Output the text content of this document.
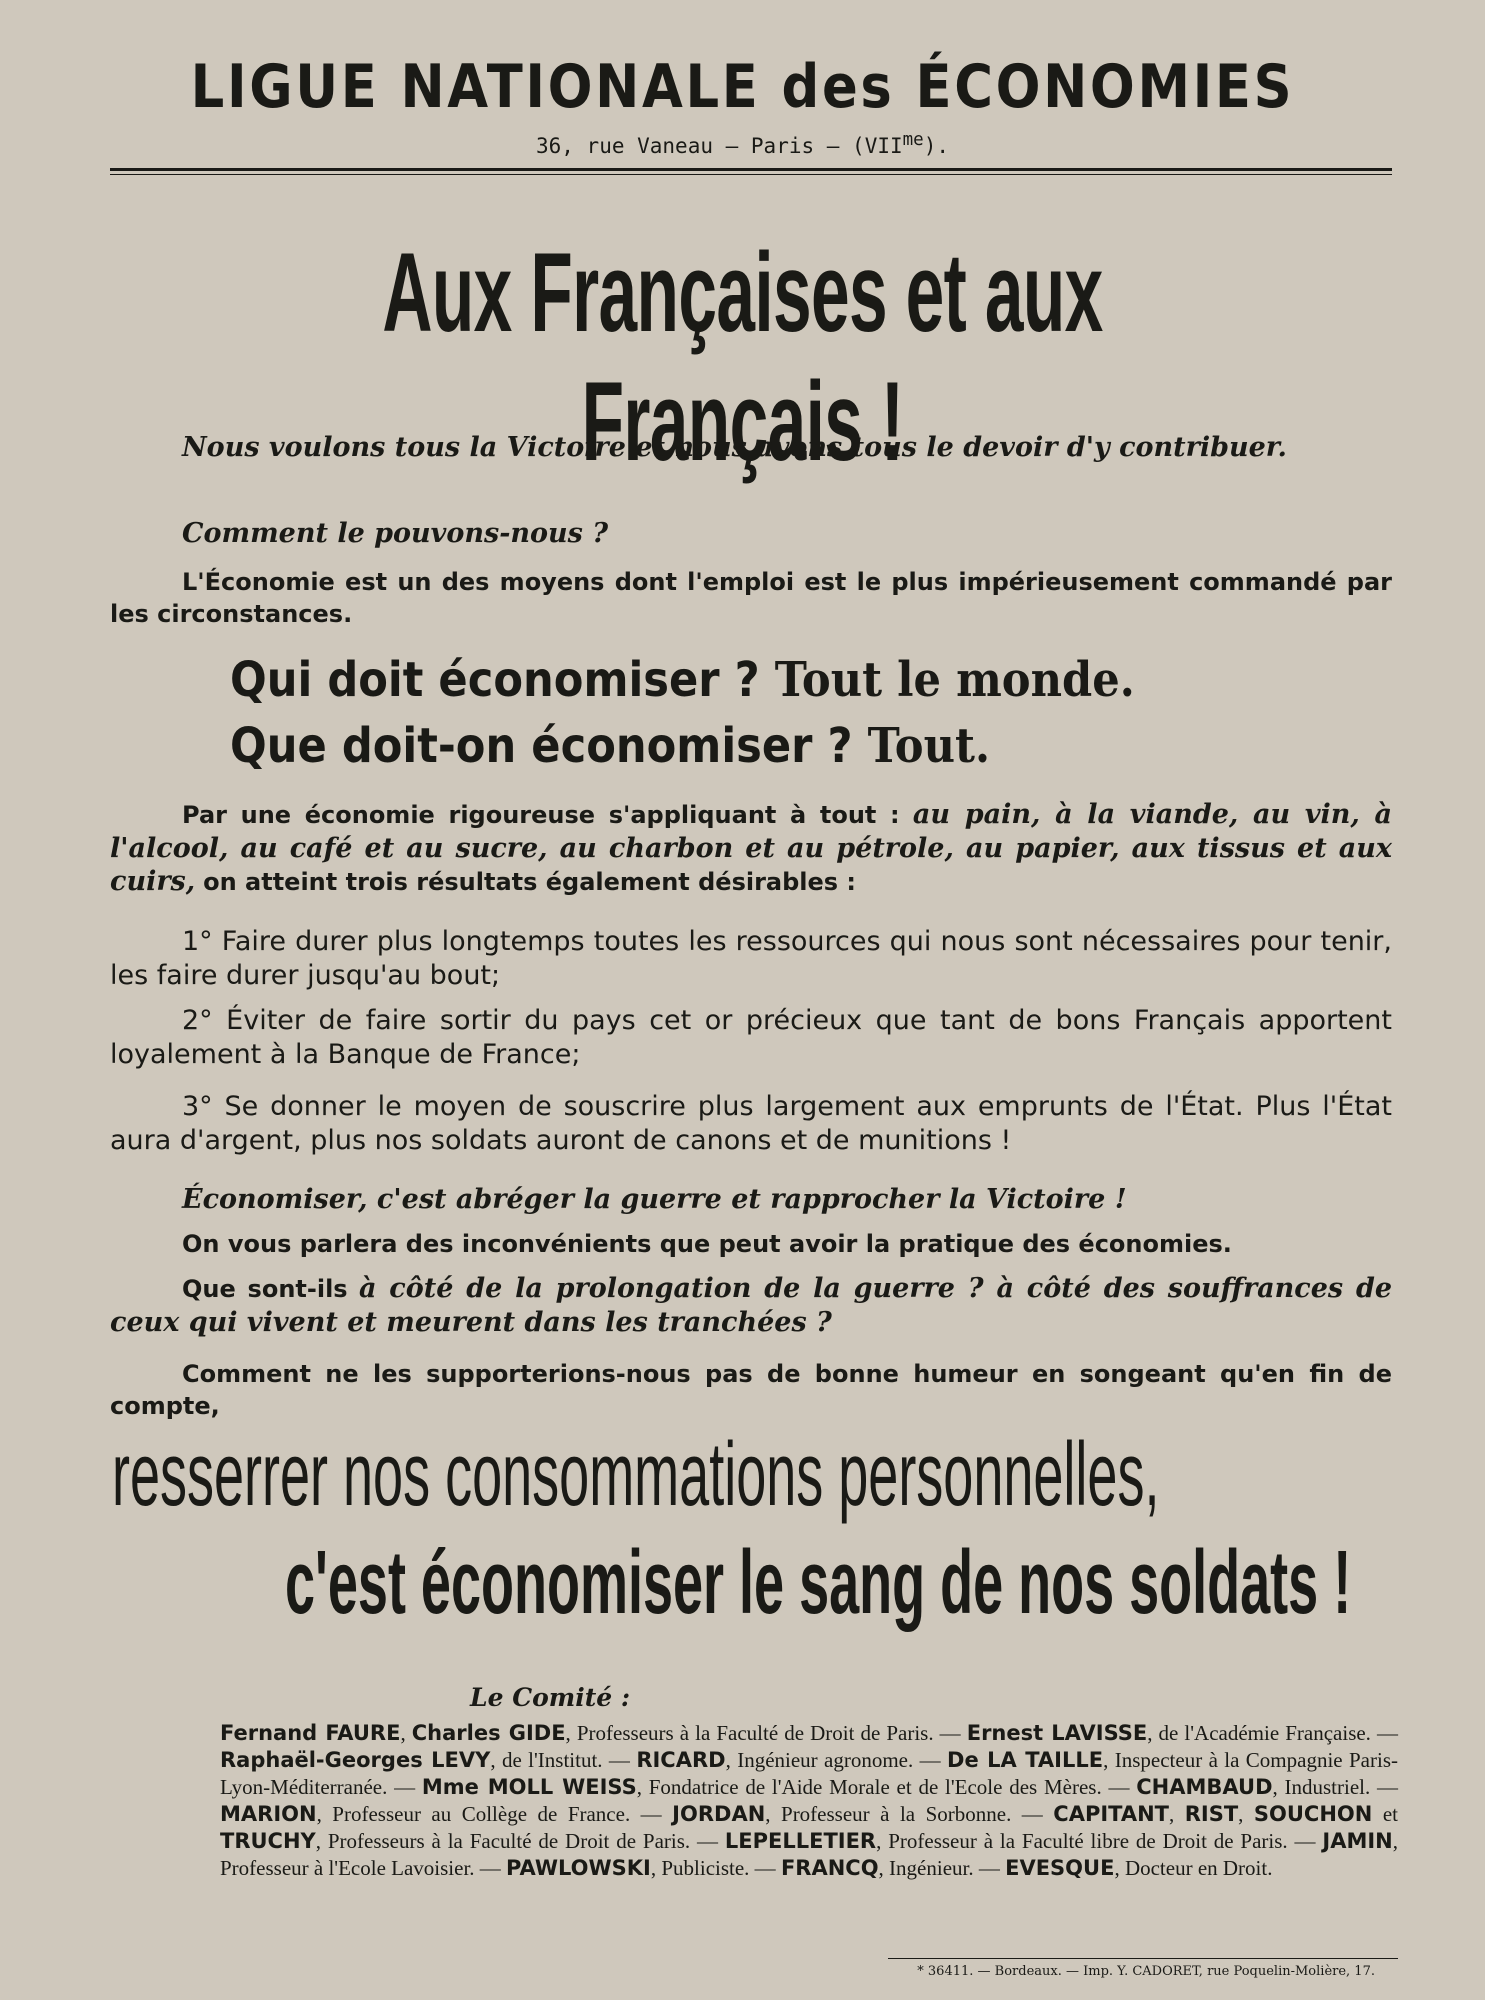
LIGUE NATIONALE des ÉCONOMIES
36, rue Vaneau – Paris – $(VII^{me})$.
Aux Françaises et aux Français !
Nous voulons tous la Victoire et nous avons tous le devoir d'y contribuer.
Comment le pouvons-nous ?
L'Économie est un des moyens dont l'emploi est le plus impérieusement commandé par les circonstances.
Qui doit économiser ? Tout le monde.
Que doit-on économiser ? Tout.
Par une économie rigoureuse s'appliquant à tout : au pain, à la viande, au vin, à l'alcool, au café et au sucre, au charbon et au pétrole, au papier, aux tissus et aux cuirs, on atteint trois résultats également désirables :
1° Faire durer plus longtemps toutes les ressources qui nous sont nécessaires pour tenir, les faire durer jusqu'au bout;
2° Éviter de faire sortir du pays cet or précieux que tant de bons Français apportent loyalement à la Banque de France;
3° Se donner le moyen de souscrire plus largement aux emprunts de l'État. Plus l'État aura d'argent, plus nos soldats auront de canons et de munitions !
Économiser, c'est abréger la guerre et rapprocher la Victoire !
On vous parlera des inconvénients que peut avoir la pratique des économies.
Que sont-ils à côté de la prolongation de la guerre ? à côté des souffrances de ceux qui vivent et meurent dans les tranchées ?
Comment ne les supporterions-nous pas de bonne humeur en songeant qu'en fin de compte,
resserrer nos consommations personnelles,
c'est économiser le sang de nos soldats !
Le Comité :
Fernand FAURE, Charles GIDE, Professeurs à la Faculté de Droit de Paris. — Ernest LAVISSE, de l'Académie Française. — Raphaël-Georges LEVY, de l'Institut. — RICARD, Ingénieur agronome. — De LA TAILLE, Inspecteur à la Compagnie Paris-Lyon-Méditerranée. — Mme MOLL WEISS, Fondatrice de l'Aide Morale et de l'Ecole des Mères. — CHAMBAUD, Industriel. — MARION, Professeur au Collège de France. — JORDAN, Professeur à la Sorbonne. — CAPITANT, RIST, SOUCHON et TRUCHY, Professeurs à la Faculté de Droit de Paris. — LEPELLETIER, Professeur à la Faculté libre de Droit de Paris. — JAMIN, Professeur à l'Ecole Lavoisier. — PAWLOWSKI, Publiciste. — FRANCQ, Ingénieur. — EVESQUE, Docteur en Droit.
* 36411. — Bordeaux. — Imp. Y. CADORET, rue Poquelin-Molière, 17.
